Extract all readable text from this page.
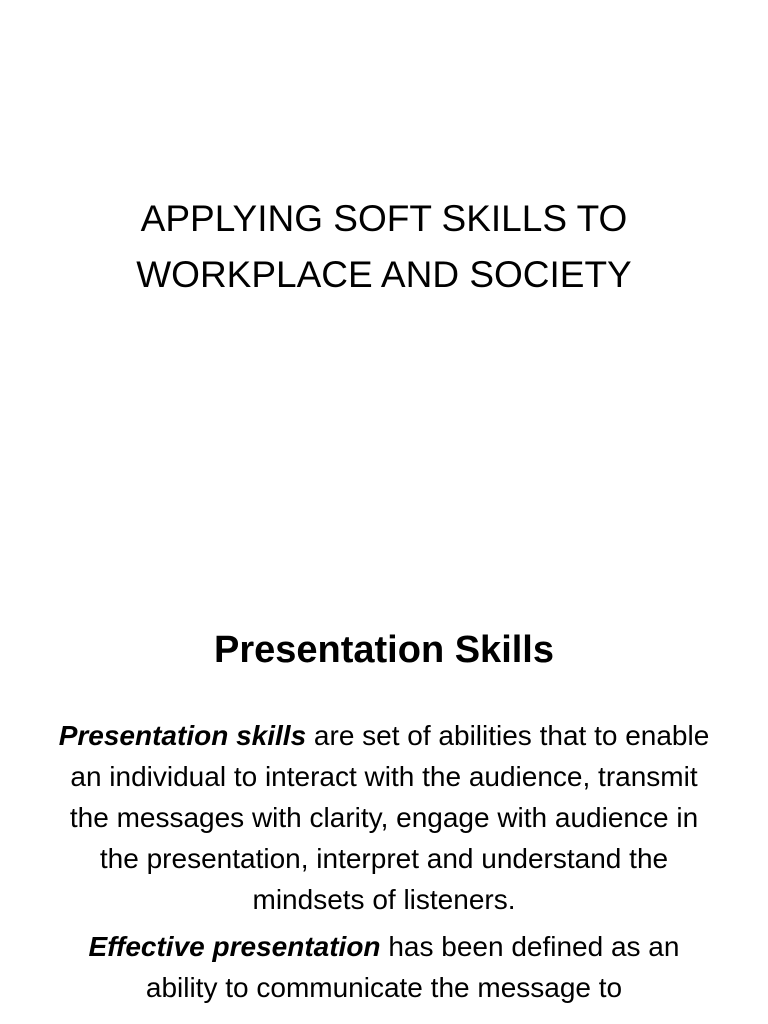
APPLYING SOFT SKILLS TO
WORKPLACE AND SOCIETY
Presentation Skills

Presentation skills are set of abilities that to enable an individual to interact with the audience, transmit the messages with clarity, engage with audience in the presentation, interpret and understand the mindsets of listeners.

Effective presentation has been defined as an ability to communicate the message to
